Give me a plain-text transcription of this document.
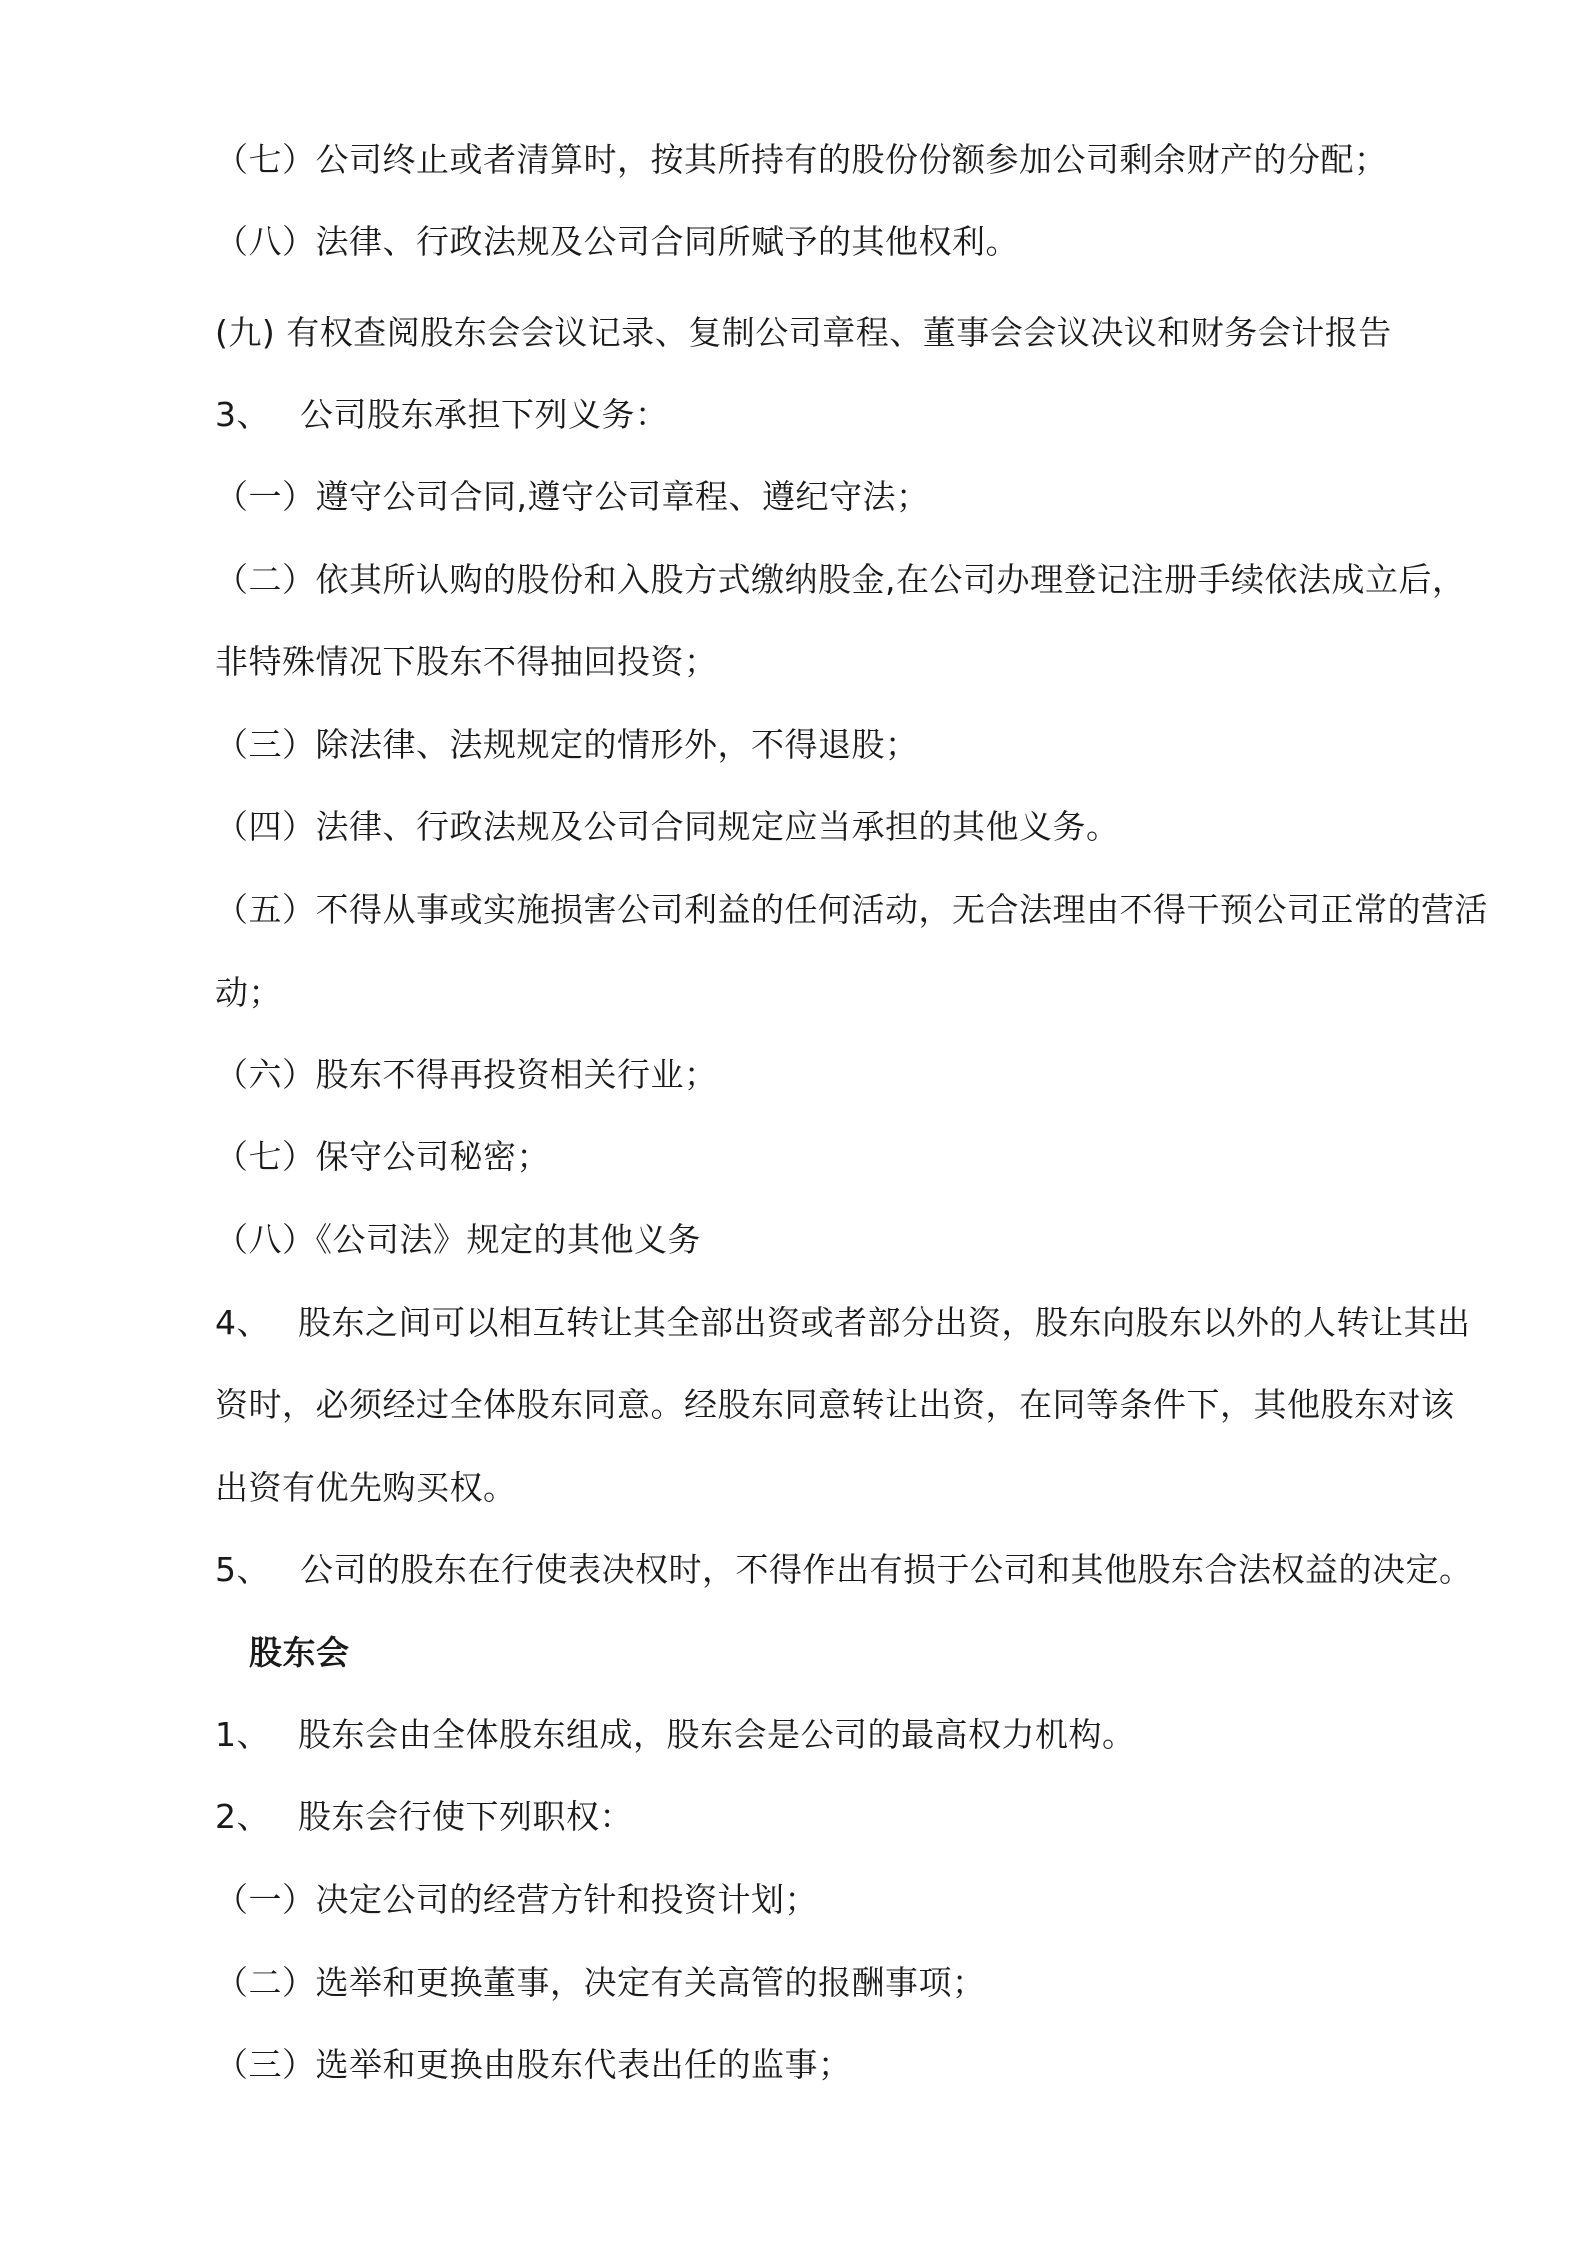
（七）公司终止或者清算时，按其所持有的股份份额参加公司剩余财产的分配；
（八）法律、行政法规及公司合同所赋予的其他权利。
(九) 有权查阅股东会会议记录、复制公司章程、董事会会议决议和财务会计报告
3、 公司股东承担下列义务：
（一）遵守公司合同,遵守公司章程、遵纪守法；
（二）依其所认购的股份和入股方式缴纳股金,在公司办理登记注册手续依法成立后，
非特殊情况下股东不得抽回投资；
（三）除法律、法规规定的情形外，不得退股；
（四）法律、行政法规及公司合同规定应当承担的其他义务。
（五）不得从事或实施损害公司利益的任何活动，无合法理由不得干预公司正常的营活
动；
（六）股东不得再投资相关行业；
（七）保守公司秘密；
（八）《公司法》规定的其他义务
4、 股东之间可以相互转让其全部出资或者部分出资，股东向股东以外的人转让其出
资时，必须经过全体股东同意。经股东同意转让出资，在同等条件下，其他股东对该
出资有优先购买权。
5、 公司的股东在行使表决权时，不得作出有损于公司和其他股东合法权益的决定。
股东会
1、 股东会由全体股东组成，股东会是公司的最高权力机构。
2、 股东会行使下列职权：
（一）决定公司的经营方针和投资计划；
（二）选举和更换董事，决定有关高管的报酬事项；
（三）选举和更换由股东代表出任的监事；
